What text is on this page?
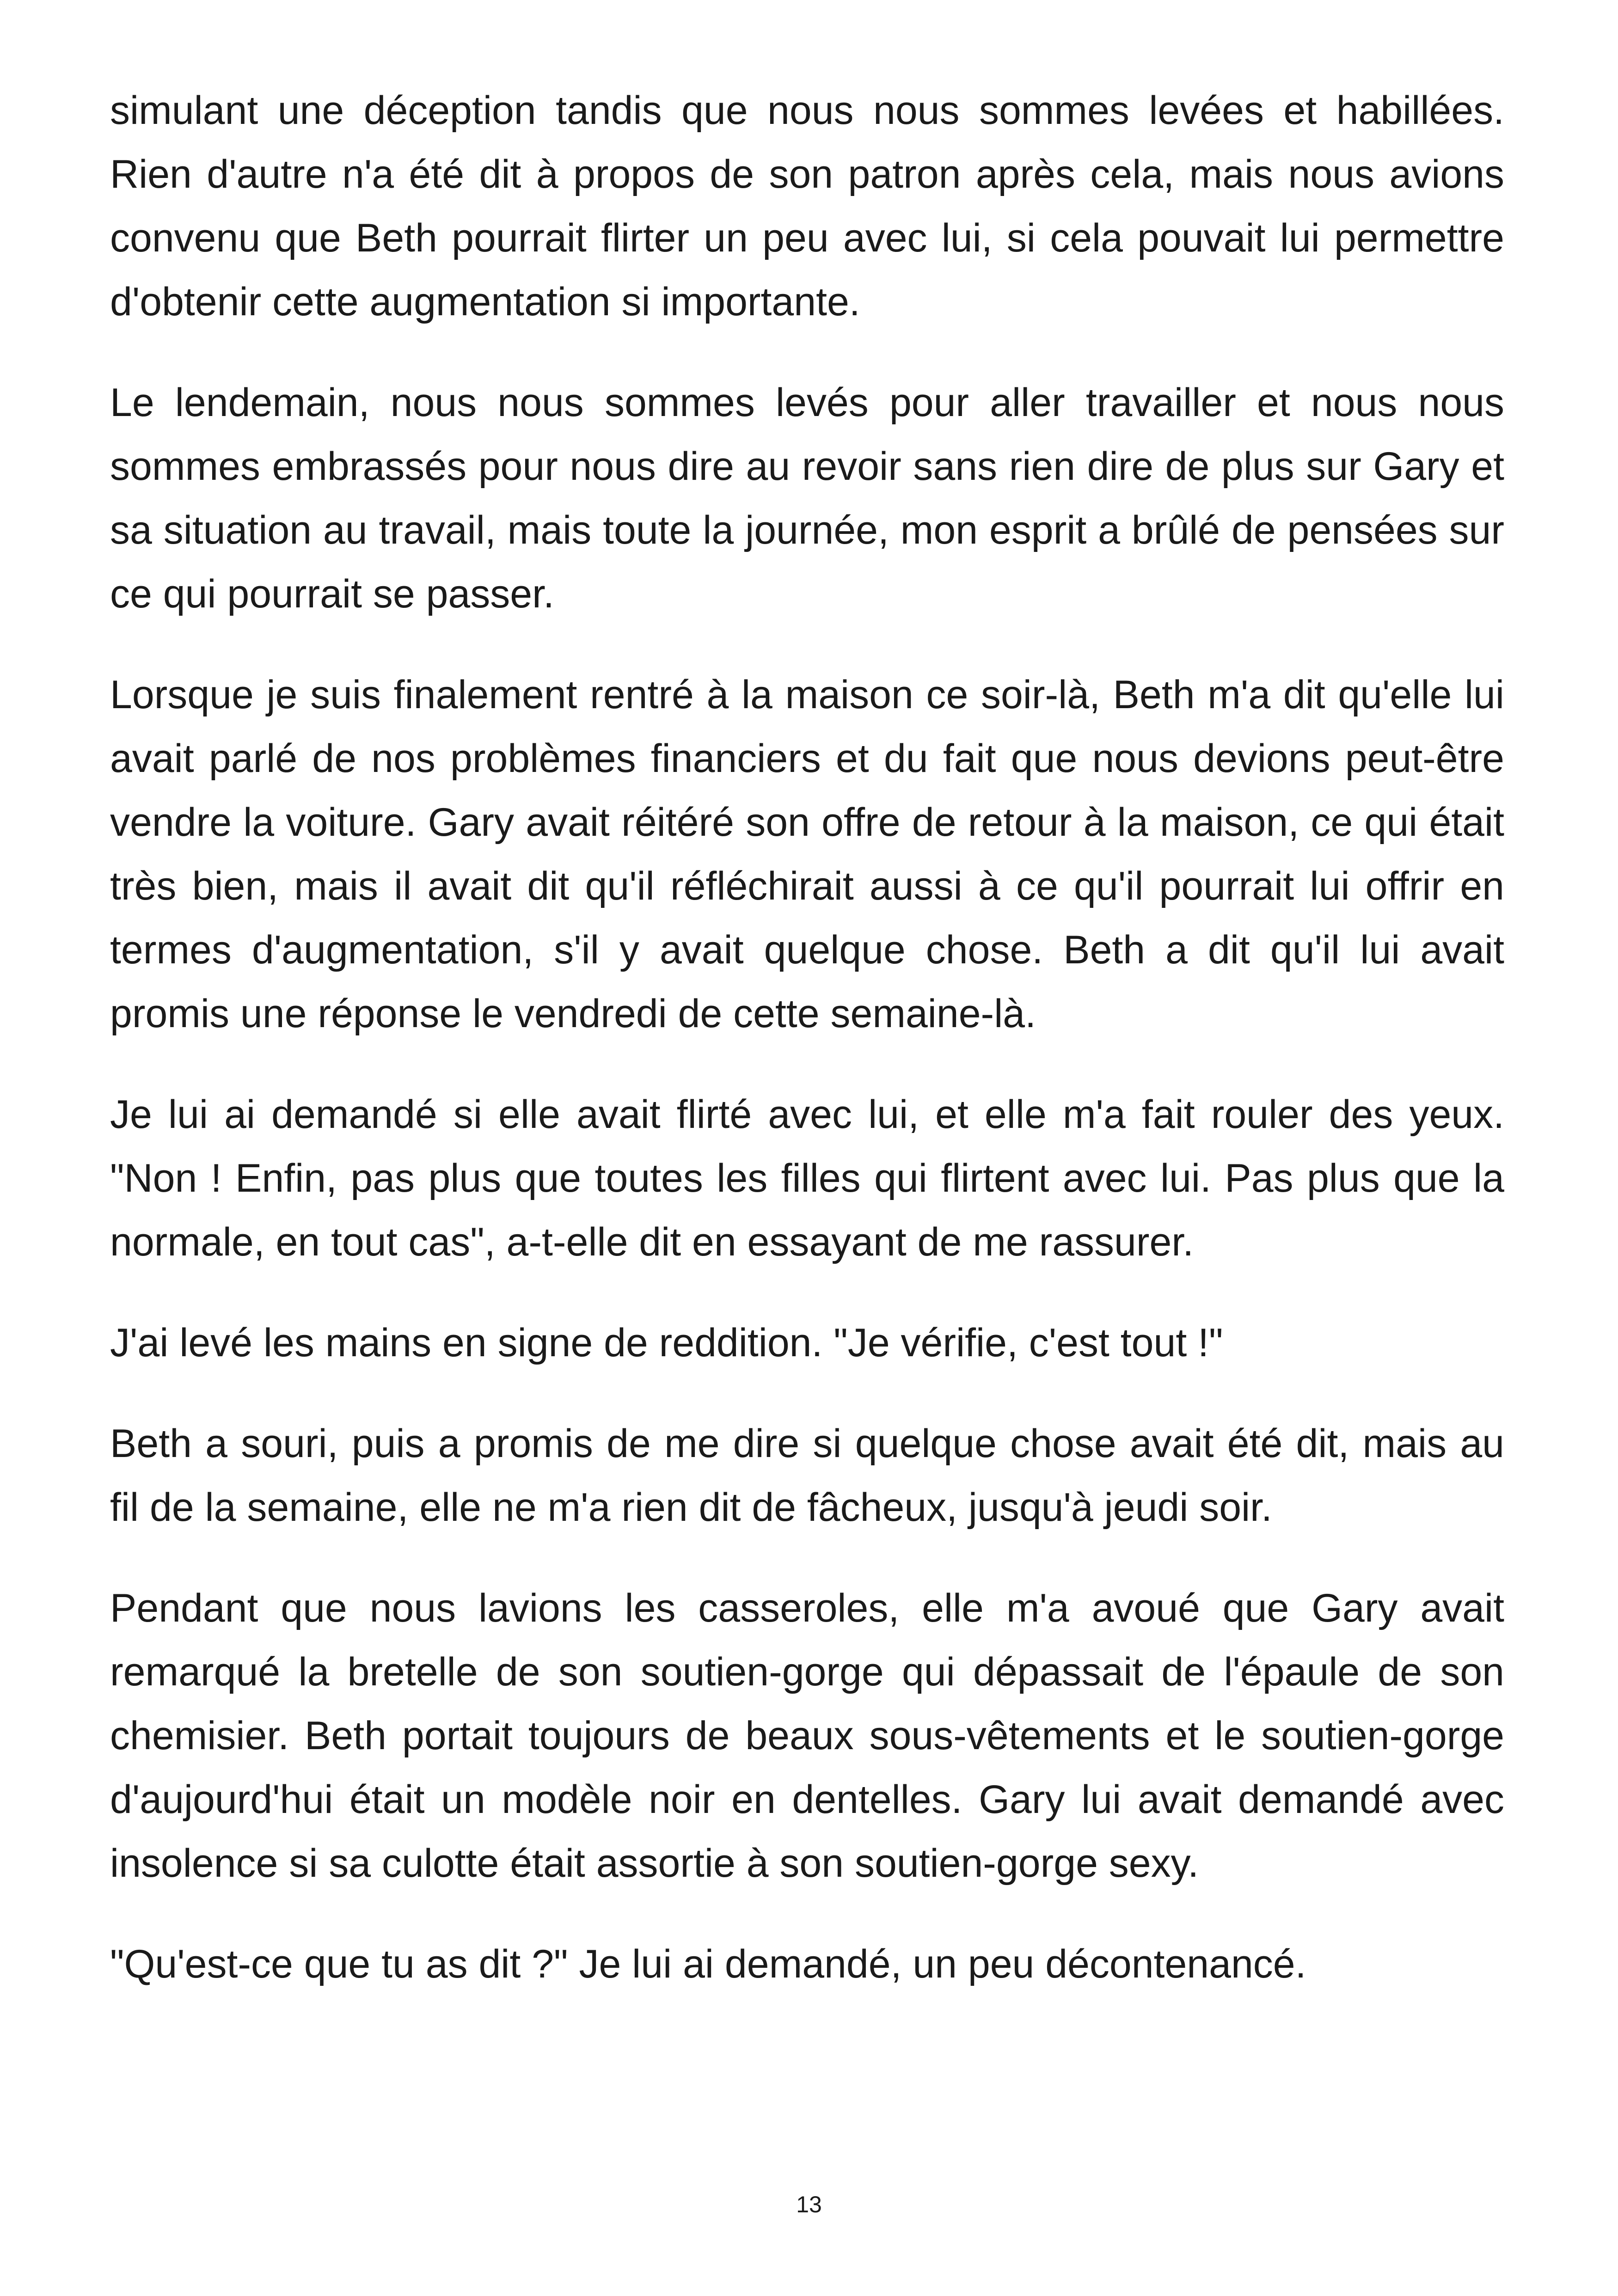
simulant une déception tandis que nous nous sommes levées et habillées. Rien d'autre n'a été dit à propos de son patron après cela, mais nous avions convenu que Beth pourrait flirter un peu avec lui, si cela pouvait lui permettre d'obtenir cette augmentation si importante.

Le lendemain, nous nous sommes levés pour aller travailler et nous nous sommes embrassés pour nous dire au revoir sans rien dire de plus sur Gary et sa situation au travail, mais toute la journée, mon esprit a brûlé de pensées sur ce qui pourrait se passer.

Lorsque je suis finalement rentré à la maison ce soir-là, Beth m'a dit qu'elle lui avait parlé de nos problèmes financiers et du fait que nous devions peut-être vendre la voiture. Gary avait réitéré son offre de retour à la maison, ce qui était très bien, mais il avait dit qu'il réfléchirait aussi à ce qu'il pourrait lui offrir en termes d'augmentation, s'il y avait quelque chose. Beth a dit qu'il lui avait promis une réponse le vendredi de cette semaine-là.

Je lui ai demandé si elle avait flirté avec lui, et elle m'a fait rouler des yeux. "Non ! Enfin, pas plus que toutes les filles qui flirtent avec lui. Pas plus que la normale, en tout cas", a-t-elle dit en essayant de me rassurer.

J'ai levé les mains en signe de reddition. "Je vérifie, c'est tout !"

Beth a souri, puis a promis de me dire si quelque chose avait été dit, mais au fil de la semaine, elle ne m'a rien dit de fâcheux, jusqu'à jeudi soir.

Pendant que nous lavions les casseroles, elle m'a avoué que Gary avait remarqué la bretelle de son soutien-gorge qui dépassait de l'épaule de son chemisier. Beth portait toujours de beaux sous-vêtements et le soutien-gorge d'aujourd'hui était un modèle noir en dentelles. Gary lui avait demandé avec insolence si sa culotte était assortie à son soutien-gorge sexy.

"Qu'est-ce que tu as dit ?" Je lui ai demandé, un peu décontenancé.

13
